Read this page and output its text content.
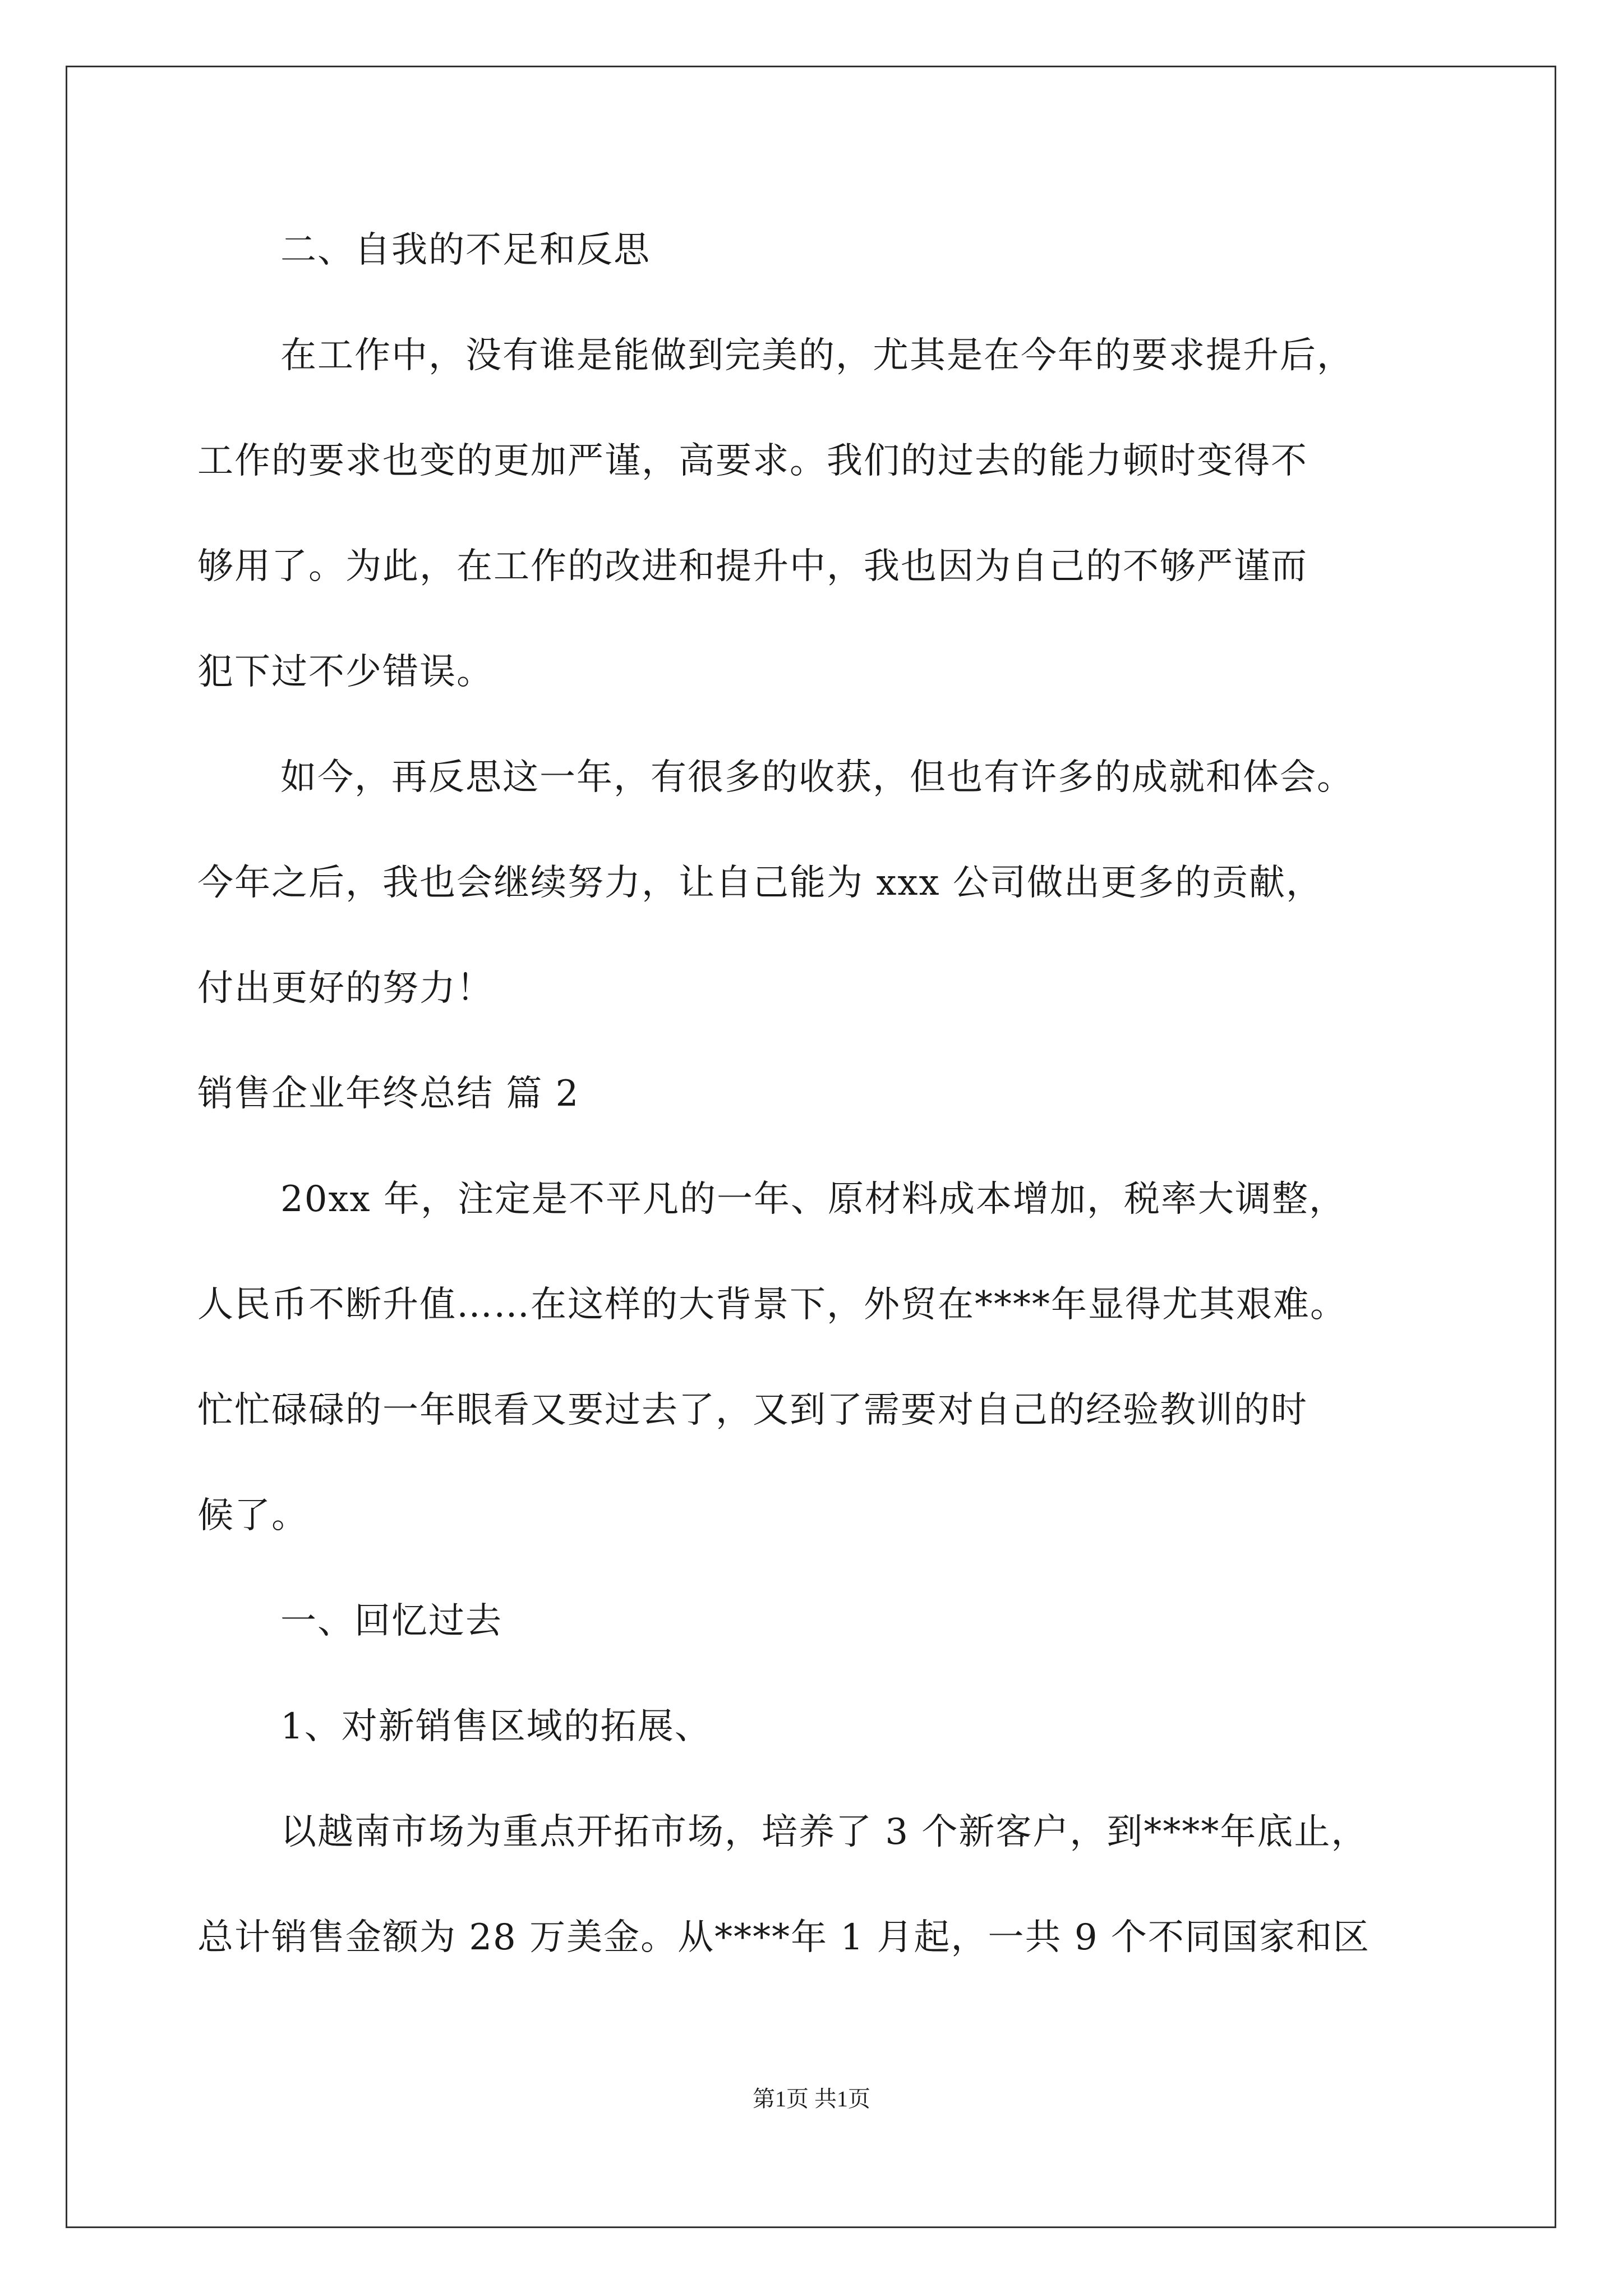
二、自我的不足和反思
在工作中，没有谁是能做到完美的，尤其是在今年的要求提升后，
工作的要求也变的更加严谨，高要求。我们的过去的能力顿时变得不
够用了。为此，在工作的改进和提升中，我也因为自己的不够严谨而
犯下过不少错误。
如今，再反思这一年，有很多的收获，但也有许多的成就和体会。
今年之后，我也会继续努力，让自己能为 xxx 公司做出更多的贡献，
付出更好的努力！
销售企业年终总结 篇 2
20xx 年，注定是不平凡的一年、原材料成本增加，税率大调整，
人民币不断升值……在这样的大背景下，外贸在****年显得尤其艰难。
忙忙碌碌的一年眼看又要过去了，又到了需要对自己的经验教训的时
候了。
一、回忆过去
1、对新销售区域的拓展、
以越南市场为重点开拓市场，培养了 3 个新客户，到****年底止，
总计销售金额为 28 万美金。从****年 1 月起，一共 9 个不同国家和区
第1页 共1页
